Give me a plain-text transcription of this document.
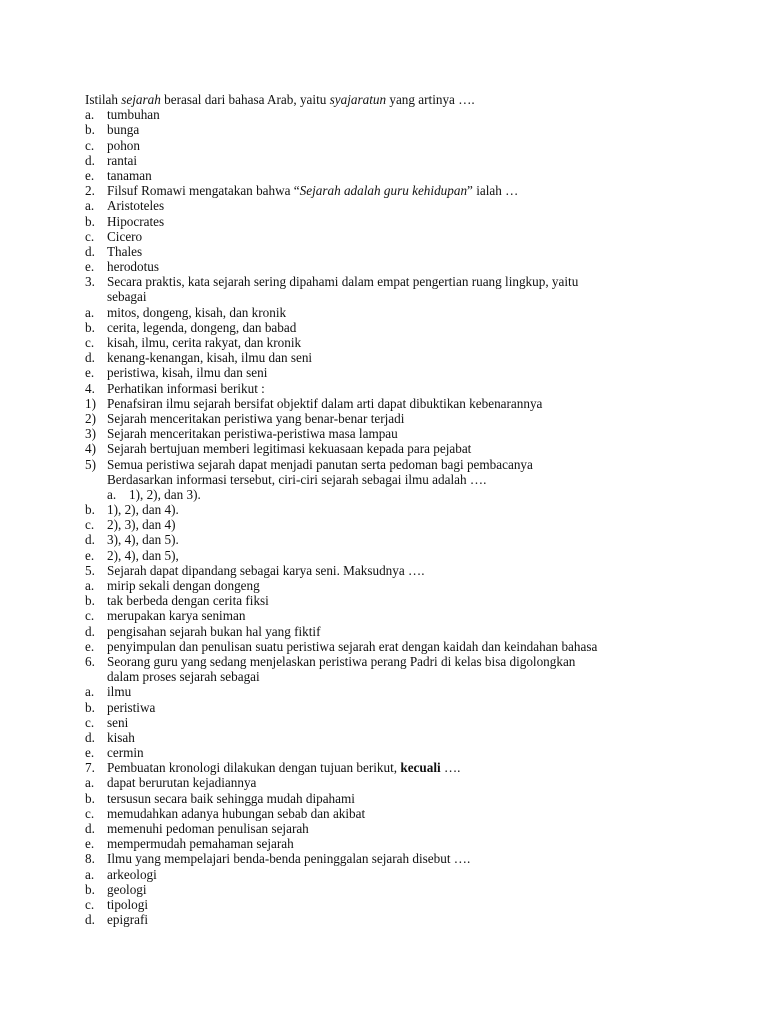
Istilah sejarah berasal dari bahasa Arab, yaitu syajaratun yang artinya ….
a. tumbuhan
b. bunga
c. pohon
d. rantai
e. tanaman
2. Filsuf Romawi mengatakan bahwa “Sejarah adalah guru kehidupan” ialah …
a. Aristoteles
b. Hipocrates
c. Cicero
d. Thales
e. herodotus
3. Secara praktis, kata sejarah sering dipahami dalam empat pengertian ruang lingkup, yaitu
sebagai
a. mitos, dongeng, kisah, dan kronik
b. cerita, legenda, dongeng, dan babad
c. kisah, ilmu, cerita rakyat, dan kronik
d. kenang-kenangan, kisah, ilmu dan seni
e. peristiwa, kisah, ilmu dan seni
4. Perhatikan informasi berikut :
1) Penafsiran ilmu sejarah bersifat objektif dalam arti dapat dibuktikan kebenarannya
2) Sejarah menceritakan peristiwa yang benar-benar terjadi
3) Sejarah menceritakan peristiwa-peristiwa masa lampau
4) Sejarah bertujuan memberi legitimasi kekuasaan kepada para pejabat
5) Semua peristiwa sejarah dapat menjadi panutan serta pedoman bagi pembacanya
Berdasarkan informasi tersebut, ciri-ciri sejarah sebagai ilmu adalah ….
a. 1), 2), dan 3).
b. 1), 2), dan 4).
c. 2), 3), dan 4)
d. 3), 4), dan 5).
e. 2), 4), dan 5),
5. Sejarah dapat dipandang sebagai karya seni. Maksudnya ….
a. mirip sekali dengan dongeng
b. tak berbeda dengan cerita fiksi
c. merupakan karya seniman
d. pengisahan sejarah bukan hal yang fiktif
e. penyimpulan dan penulisan suatu peristiwa sejarah erat dengan kaidah dan keindahan bahasa
6. Seorang guru yang sedang menjelaskan peristiwa perang Padri di kelas bisa digolongkan
dalam proses sejarah sebagai
a. ilmu
b. peristiwa
c. seni
d. kisah
e. cermin
7. Pembuatan kronologi dilakukan dengan tujuan berikut, kecuali ….
a. dapat berurutan kejadiannya
b. tersusun secara baik sehingga mudah dipahami
c. memudahkan adanya hubungan sebab dan akibat
d. memenuhi pedoman penulisan sejarah
e. mempermudah pemahaman sejarah
8. Ilmu yang mempelajari benda-benda peninggalan sejarah disebut ….
a. arkeologi
b. geologi
c. tipologi
d. epigrafi
